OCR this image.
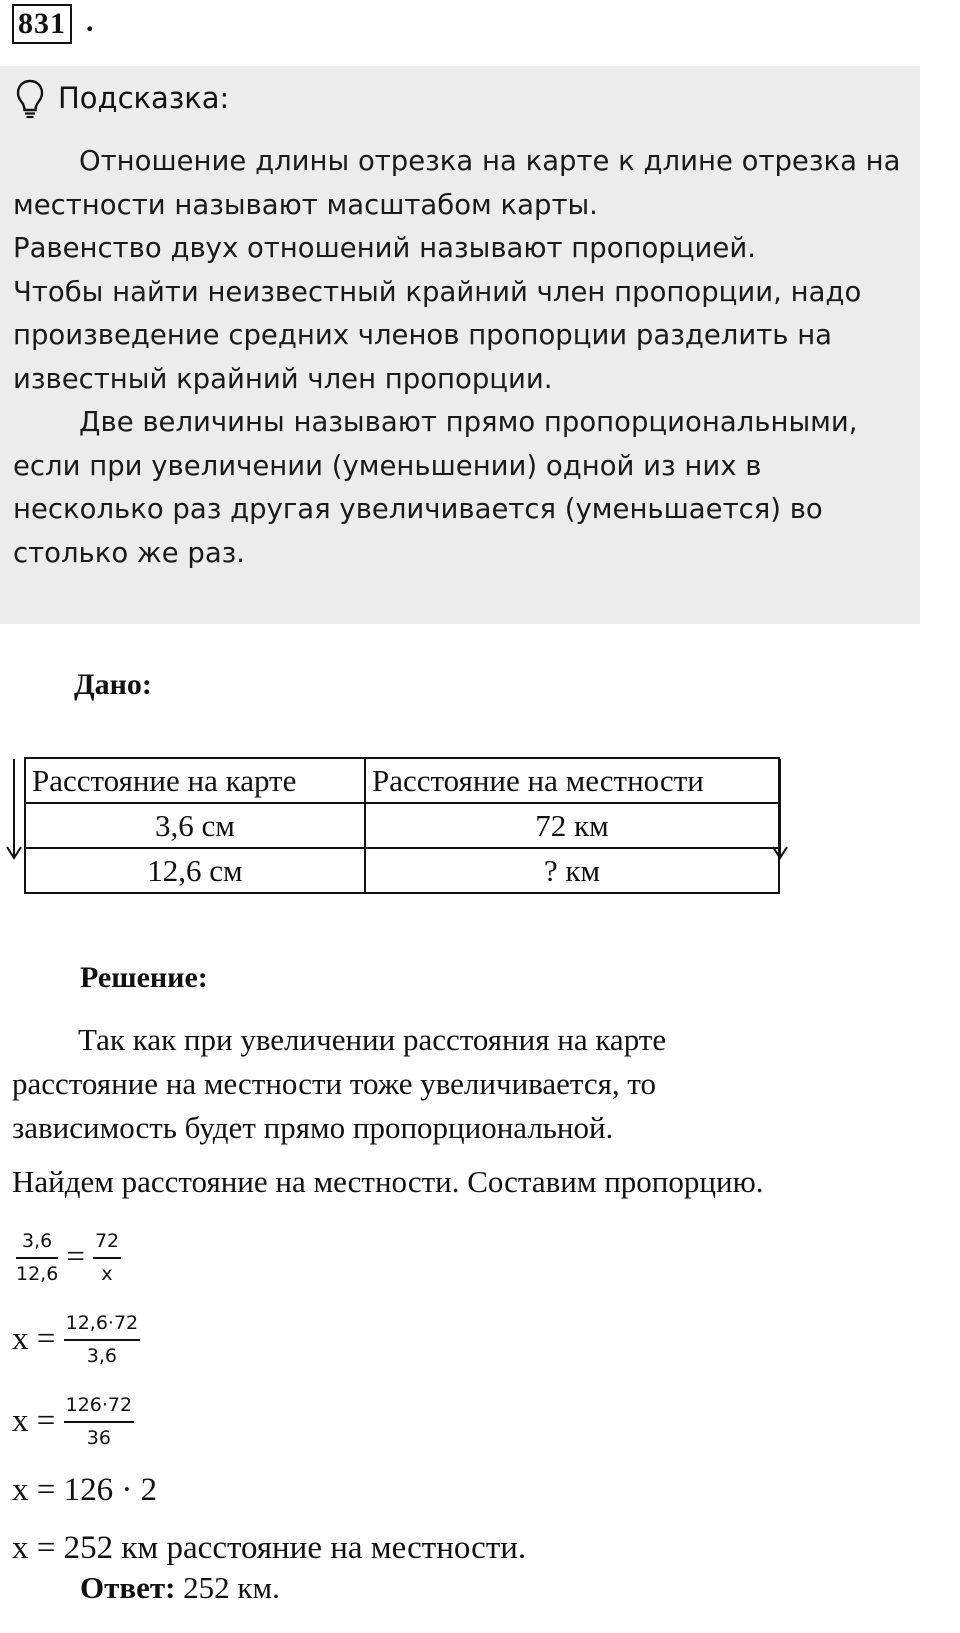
831 .
Подсказка:

Отношение длины отрезка на карте к длине отрезка на

местности называют масштабом карты.

Равенство двух отношений называют пропорцией.

Чтобы найти неизвестный крайний член пропорции, надо

произведение средних членов пропорции разделить на

известный крайний член пропорции.

Две величины называют прямо пропорциональными,

если при увеличении (уменьшении) одной из них в

несколько раз другая увеличивается (уменьшается) во

столько же раз.

Дано:
Расстояние на карте	Расстояние на местности
3,6 см	72 км
12,6 см	? км
Решение:

Так как при увеличении расстояния на карте

расстояние на местности тоже увеличивается, то

зависимость будет прямо пропорциональной.

Найдем расстояние на местности. Составим пропорцию.

$\frac{3,6}{12,6} = \frac{72}{x}$
$x = \frac{12,6\cdot 72}{3,6}$
$x = \frac{126\cdot 72}{36}$
x = 126 · 2
x = 252 км расстояние на местности.
Ответ: 252 км.
